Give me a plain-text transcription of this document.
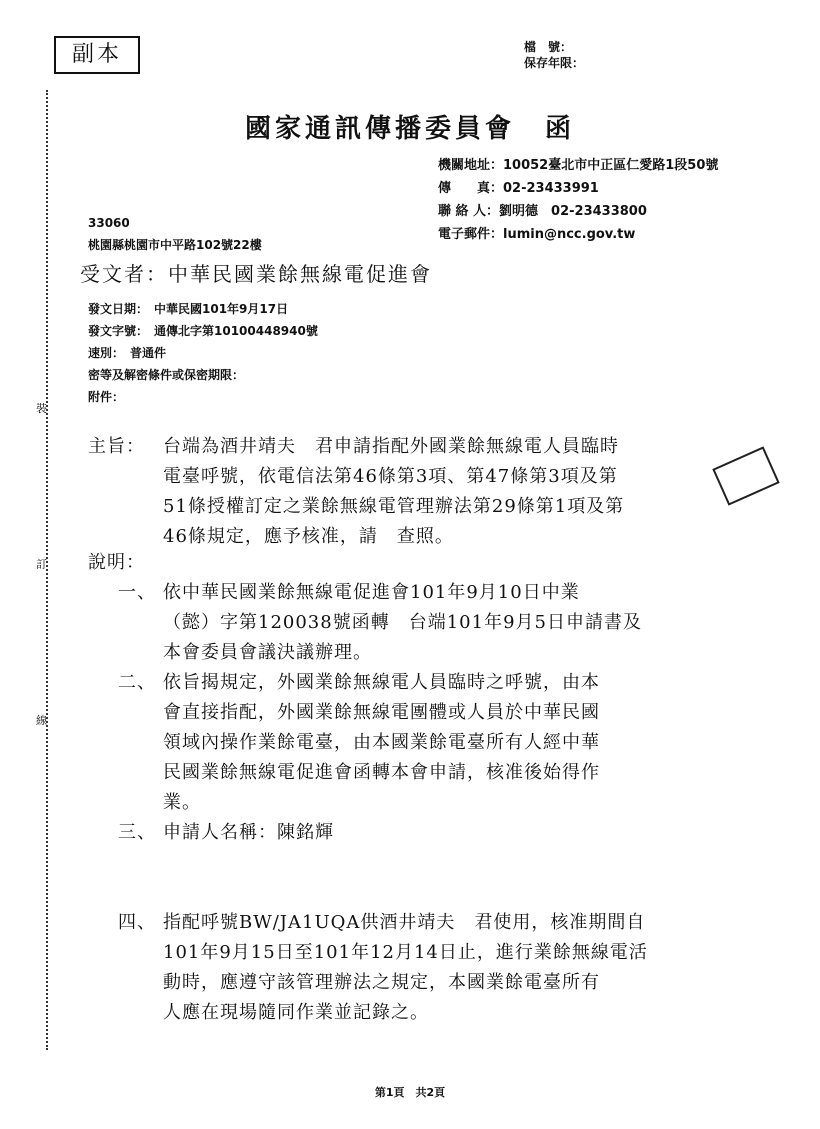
副本	檔　號：
保存年限：
國家通訊傳播委員會 函
機關地址：10052臺北市中正區仁愛路1段50號
傳　　真：02-23433991
聯 絡 人：劉明德　02-23433800
電子郵件：lumin@ncc.gov.tw
33060
桃園縣桃園市中平路102號22樓
受文者：中華民國業餘無線電促進會
發文日期：　中華民國101年9月17日
發文字號：　通傳北字第10100448940號
速別：　普通件
密等及解密條件或保密期限：
附件：
主旨： 台端為酒井靖夫　君申請指配外國業餘無線電人員臨時
電臺呼號，依電信法第46條第3項、第47條第3項及第
51條授權訂定之業餘無線電管理辦法第29條第1項及第
46條規定，應予核准，請　查照。
說明：
一、 依中華民國業餘無線電促進會101年9月10日中業
（懿）字第120038號函轉　台端101年9月5日申請書及
本會委員會議決議辦理。
二、 依旨揭規定，外國業餘無線電人員臨時之呼號，由本
會直接指配，外國業餘無線電團體或人員於中華民國
領域內操作業餘電臺，由本國業餘電臺所有人經中華
民國業餘無線電促進會函轉本會申請，核准後始得作
業。
三、 申請人名稱：陳銘輝
四、 指配呼號BW/JA1UQA供酒井靖夫　君使用，核准期間自
101年9月15日至101年12月14日止，進行業餘無線電活
動時，應遵守該管理辦法之規定，本國業餘電臺所有
人應在現場隨同作業並記錄之。
裝
訂
線
第1頁　共2頁
